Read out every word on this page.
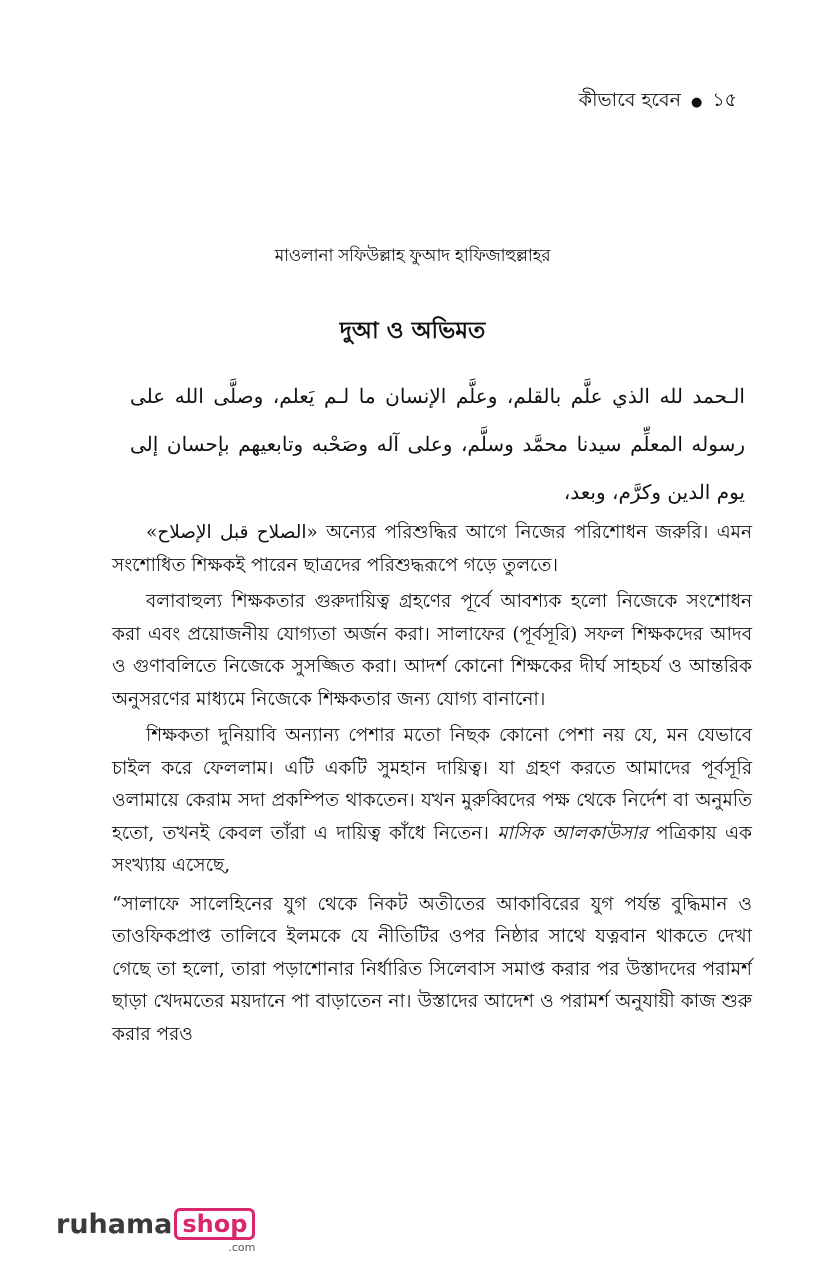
কীভাবে হবেন ● ১৫
মাওলানা সফিউল্লাহ ফুআদ হাফিজাহুল্লাহর
দুআ ও অভিমত
الـحمد لله الذي علَّم بالقلم، وعلَّم الإنسان ما لـم يَعلم، وصلَّى الله على رسوله المعلِّم سيدنا محمَّد وسلَّم، وعلى آله وصَحْبه وتابعيهم بإحسان إلى يوم الدين وكرَّم، وبعد،

«الصلاح قبل الإصلاح» অন্যের পরিশুদ্ধির আগে নিজের পরিশোধন জরুরি। এমন সংশোধিত শিক্ষকই পারেন ছাত্রদের পরিশুদ্ধরূপে গড়ে তুলতে।

বলাবাহুল্য শিক্ষকতার গুরুদায়িত্ব গ্রহণের পূর্বে আবশ্যক হলো নিজেকে সংশোধন করা এবং প্রয়োজনীয় যোগ্যতা অর্জন করা। সালাফের (পূর্বসূরি) সফল শিক্ষকদের আদব ও গুণাবলিতে নিজেকে সুসজ্জিত করা। আদর্শ কোনো শিক্ষকের দীর্ঘ সাহচর্য ও আন্তরিক অনুসরণের মাধ্যমে নিজেকে শিক্ষকতার জন্য যোগ্য বানানো।

শিক্ষকতা দুনিয়াবি অন্যান্য পেশার মতো নিছক কোনো পেশা নয় যে, মন যেভাবে চাইল করে ফেললাম। এটি একটি সুমহান দায়িত্ব। যা গ্রহণ করতে আমাদের পূর্বসূরি ওলামায়ে কেরাম সদা প্রকম্পিত থাকতেন। যখন মুরুব্বিদের পক্ষ থেকে নির্দেশ বা অনুমতি হতো, তখনই কেবল তাঁরা এ দায়িত্ব কাঁধে নিতেন। মাসিক আলকাউসার পত্রিকায় এক সংখ্যায় এসেছে,

“সালাফে সালেহিনের যুগ থেকে নিকট অতীতের আকাবিরের যুগ পর্যন্ত বুদ্ধিমান ও তাওফিকপ্রাপ্ত তালিবে ইলমকে যে নীতিটির ওপর নিষ্ঠার সাথে যত্নবান থাকতে দেখা গেছে তা হলো, তারা পড়াশোনার নির্ধারিত সিলেবাস সমাপ্ত করার পর উস্তাদদের পরামর্শ ছাড়া খেদমতের ময়দানে পা বাড়াতেন না। উস্তাদের আদেশ ও পরামর্শ অনুযায়ী কাজ শুরু করার পরও

ruhama shop
.com
